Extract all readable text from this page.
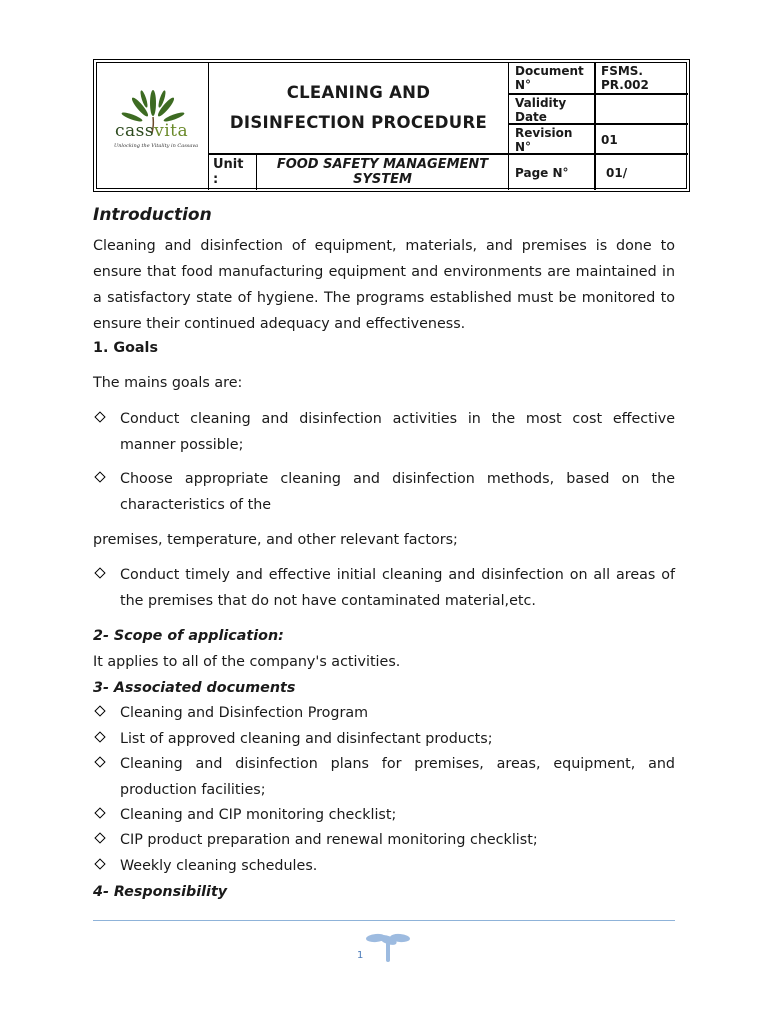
cassvita
Unlocking the Vitality in Cassava
CLEANING AND
DISINFECTION PROCEDURE
Unit :
FOOD SAFETY MANAGEMENT SYSTEM
Document N°
FSMS. PR.002
Validity Date
Revision N°	01
Page N°	01/
Introduction
Cleaning and disinfection of equipment, materials, and premises is done to ensure that food manufacturing equipment and environments are maintained in a satisfactory state of hygiene. The programs established must be monitored to ensure their continued adequacy and effectiveness.
1. Goals
The mains goals are:
Conduct cleaning and disinfection activities in the most cost effective manner possible;
Choose appropriate cleaning and disinfection methods, based on the characteristics of the
premises, temperature, and other relevant factors;
Conduct timely and effective initial cleaning and disinfection on all areas of the premises that do not have contaminated material,etc.
2- Scope of application:
It applies to all of the company's activities.
3- Associated documents
Cleaning and Disinfection Program
List of approved cleaning and disinfectant products;
Cleaning and disinfection plans for premises, areas, equipment, and production facilities;
Cleaning and CIP monitoring checklist;
CIP product preparation and renewal monitoring checklist;
Weekly cleaning schedules.
4- Responsibility
1
